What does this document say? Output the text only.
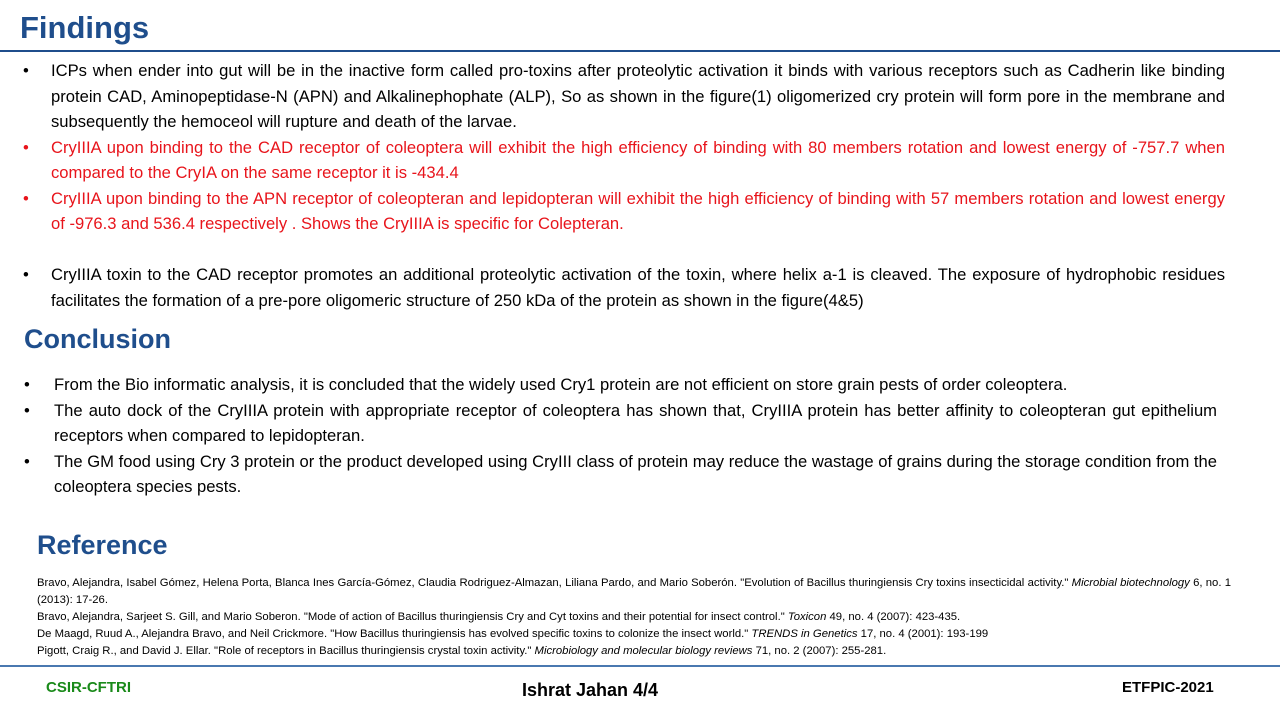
Findings
• ICPs when ender into gut will be in the inactive form called pro-toxins after proteolytic activation it binds with various receptors such as Cadherin like binding protein CAD, Aminopeptidase-N (APN) and Alkalinephophate (ALP), So as shown in the figure(1) oligomerized cry protein will form pore in the membrane and subsequently the hemoceol will rupture and death of the larvae.
• CryIIIA upon binding to the CAD receptor of coleoptera will exhibit the high efficiency of binding with 80 members rotation and lowest energy of -757.7 when compared to the CryIA on the same receptor it is -434.4
• CryIIIA upon binding to the APN receptor of coleopteran and lepidopteran will exhibit the high efficiency of binding with 57 members rotation and lowest energy of -976.3 and 536.4 respectively . Shows the CryIIIA is specific for Colepteran.
• CryIIIA toxin to the CAD receptor promotes an additional proteolytic activation of the toxin, where helix a-1 is cleaved. The exposure of hydrophobic residues facilitates the formation of a pre-pore oligomeric structure of 250 kDa of the protein as shown in the figure(4&5)
Conclusion
• From the Bio informatic analysis, it is concluded that the widely used Cry1 protein are not efficient on store grain pests of order coleoptera.
• The auto dock of the CryIIIA protein with appropriate receptor of coleoptera has shown that, CryIIIA protein has better affinity to coleopteran gut epithelium receptors when compared to lepidopteran.
• The GM food using Cry 3 protein or the product developed using CryIII class of protein may reduce the wastage of grains during the storage condition from the coleoptera species pests.
Reference

Bravo, Alejandra, Isabel Gómez, Helena Porta, Blanca Ines García-Gómez, Claudia Rodriguez-Almazan, Liliana Pardo, and Mario Soberón. "Evolution of Bacillus thuringiensis Cry toxins insecticidal activity." Microbial biotechnology 6, no. 1 (2013): 17-26.

Bravo, Alejandra, Sarjeet S. Gill, and Mario Soberon. "Mode of action of Bacillus thuringiensis Cry and Cyt toxins and their potential for insect control." Toxicon 49, no. 4 (2007): 423-435.

De Maagd, Ruud A., Alejandra Bravo, and Neil Crickmore. "How Bacillus thuringiensis has evolved specific toxins to colonize the insect world." TRENDS in Genetics 17, no. 4 (2001): 193-199

Pigott, Craig R., and David J. Ellar. "Role of receptors in Bacillus thuringiensis crystal toxin activity." Microbiology and molecular biology reviews 71, no. 2 (2007): 255-281.

CSIR-CFTRI	Ishrat Jahan 4/4	ETFPIC-2021
